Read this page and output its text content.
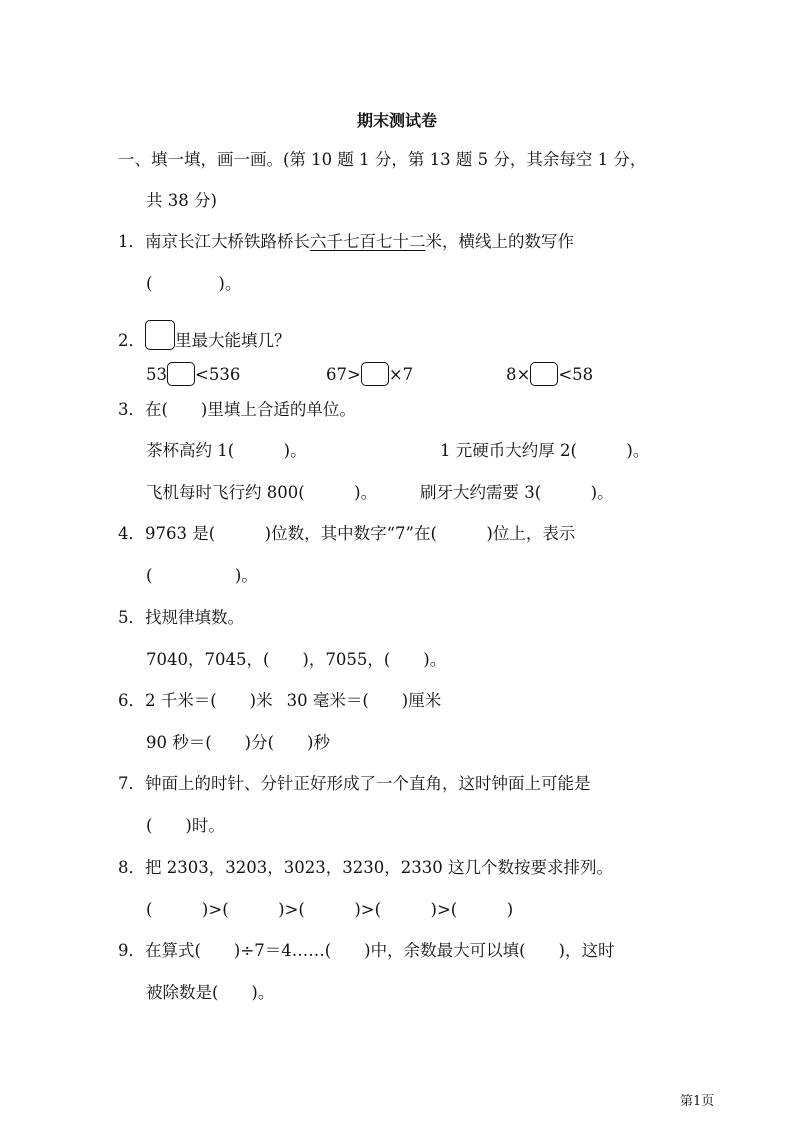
期末测试卷
一、填一填，画一画。(第 10 题 1 分，第 13 题 5 分，其余每空 1 分，
共 38 分)
1．南京长江大桥铁路桥长六千七百七十二米，横线上的数写作
(　　　　)。
2． 里最大能填几？
53 <536	67> ×7	8× <58
3．在(　　)里填上合适的单位。
茶杯高约 1(　　　)。	1 元硬币大约厚 2(　　　)。
飞机每时飞行约 800(　　　)。	刷牙大约需要 3(　　　)。
4．9763 是(　　　)位数，其中数字“7”在(　　　)位上，表示
(　　　　　)。
5．找规律填数。
7040，7045，(　　)，7055，(　　)。
6．2 千米＝(　　)米 30 毫米＝(　　)厘米
90 秒＝(　　)分(　　)秒
7．钟面上的时针、分针正好形成了一个直角，这时钟面上可能是
(　　)时。
8．把 2303，3203，3023，3230，2330 这几个数按要求排列。
(　　　)>(　　　)>(　　　)>(　　　)>(　　　)
9．在算式(　　)÷7＝4……(　　)中，余数最大可以填(　　)，这时
被除数是(　　)。
第1页
